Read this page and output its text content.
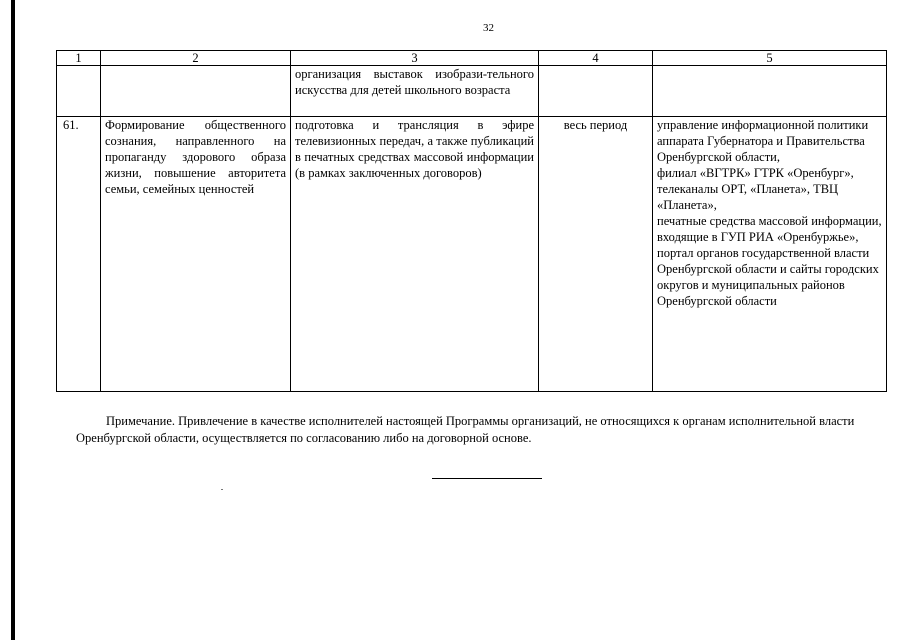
32
1	2	3	4	5
		организация выставок изобрази-тельного искусства для детей школьного возраста		
61.	Формирование общественного сознания, направленного на пропаганду здорового образа жизни, повышение авторитета семьи, семейных ценностей	подготовка и трансляция в эфире телевизионных передач, а также публикаций в печатных средствах массовой информации (в рамках заключенных договоров)	весь период	управление информационной политики аппарата Губернатора и Правительства Оренбургской области,
филиал «ВГТРК» ГТРК «Оренбург»,
телеканалы ОРТ, «Планета», ТВЦ «Планета»,
печатные средства массовой информации, входящие в ГУП РИА «Оренбуржье»,
портал органов государственной власти Оренбургской области и сайты городских округов и муниципальных районов Оренбургской области
Примечание. Привлечение в качестве исполнителей настоящей Программы организаций, не относящихся к органам исполнительной власти Оренбургской области, осуществляется по согласованию либо на договорной основе.
